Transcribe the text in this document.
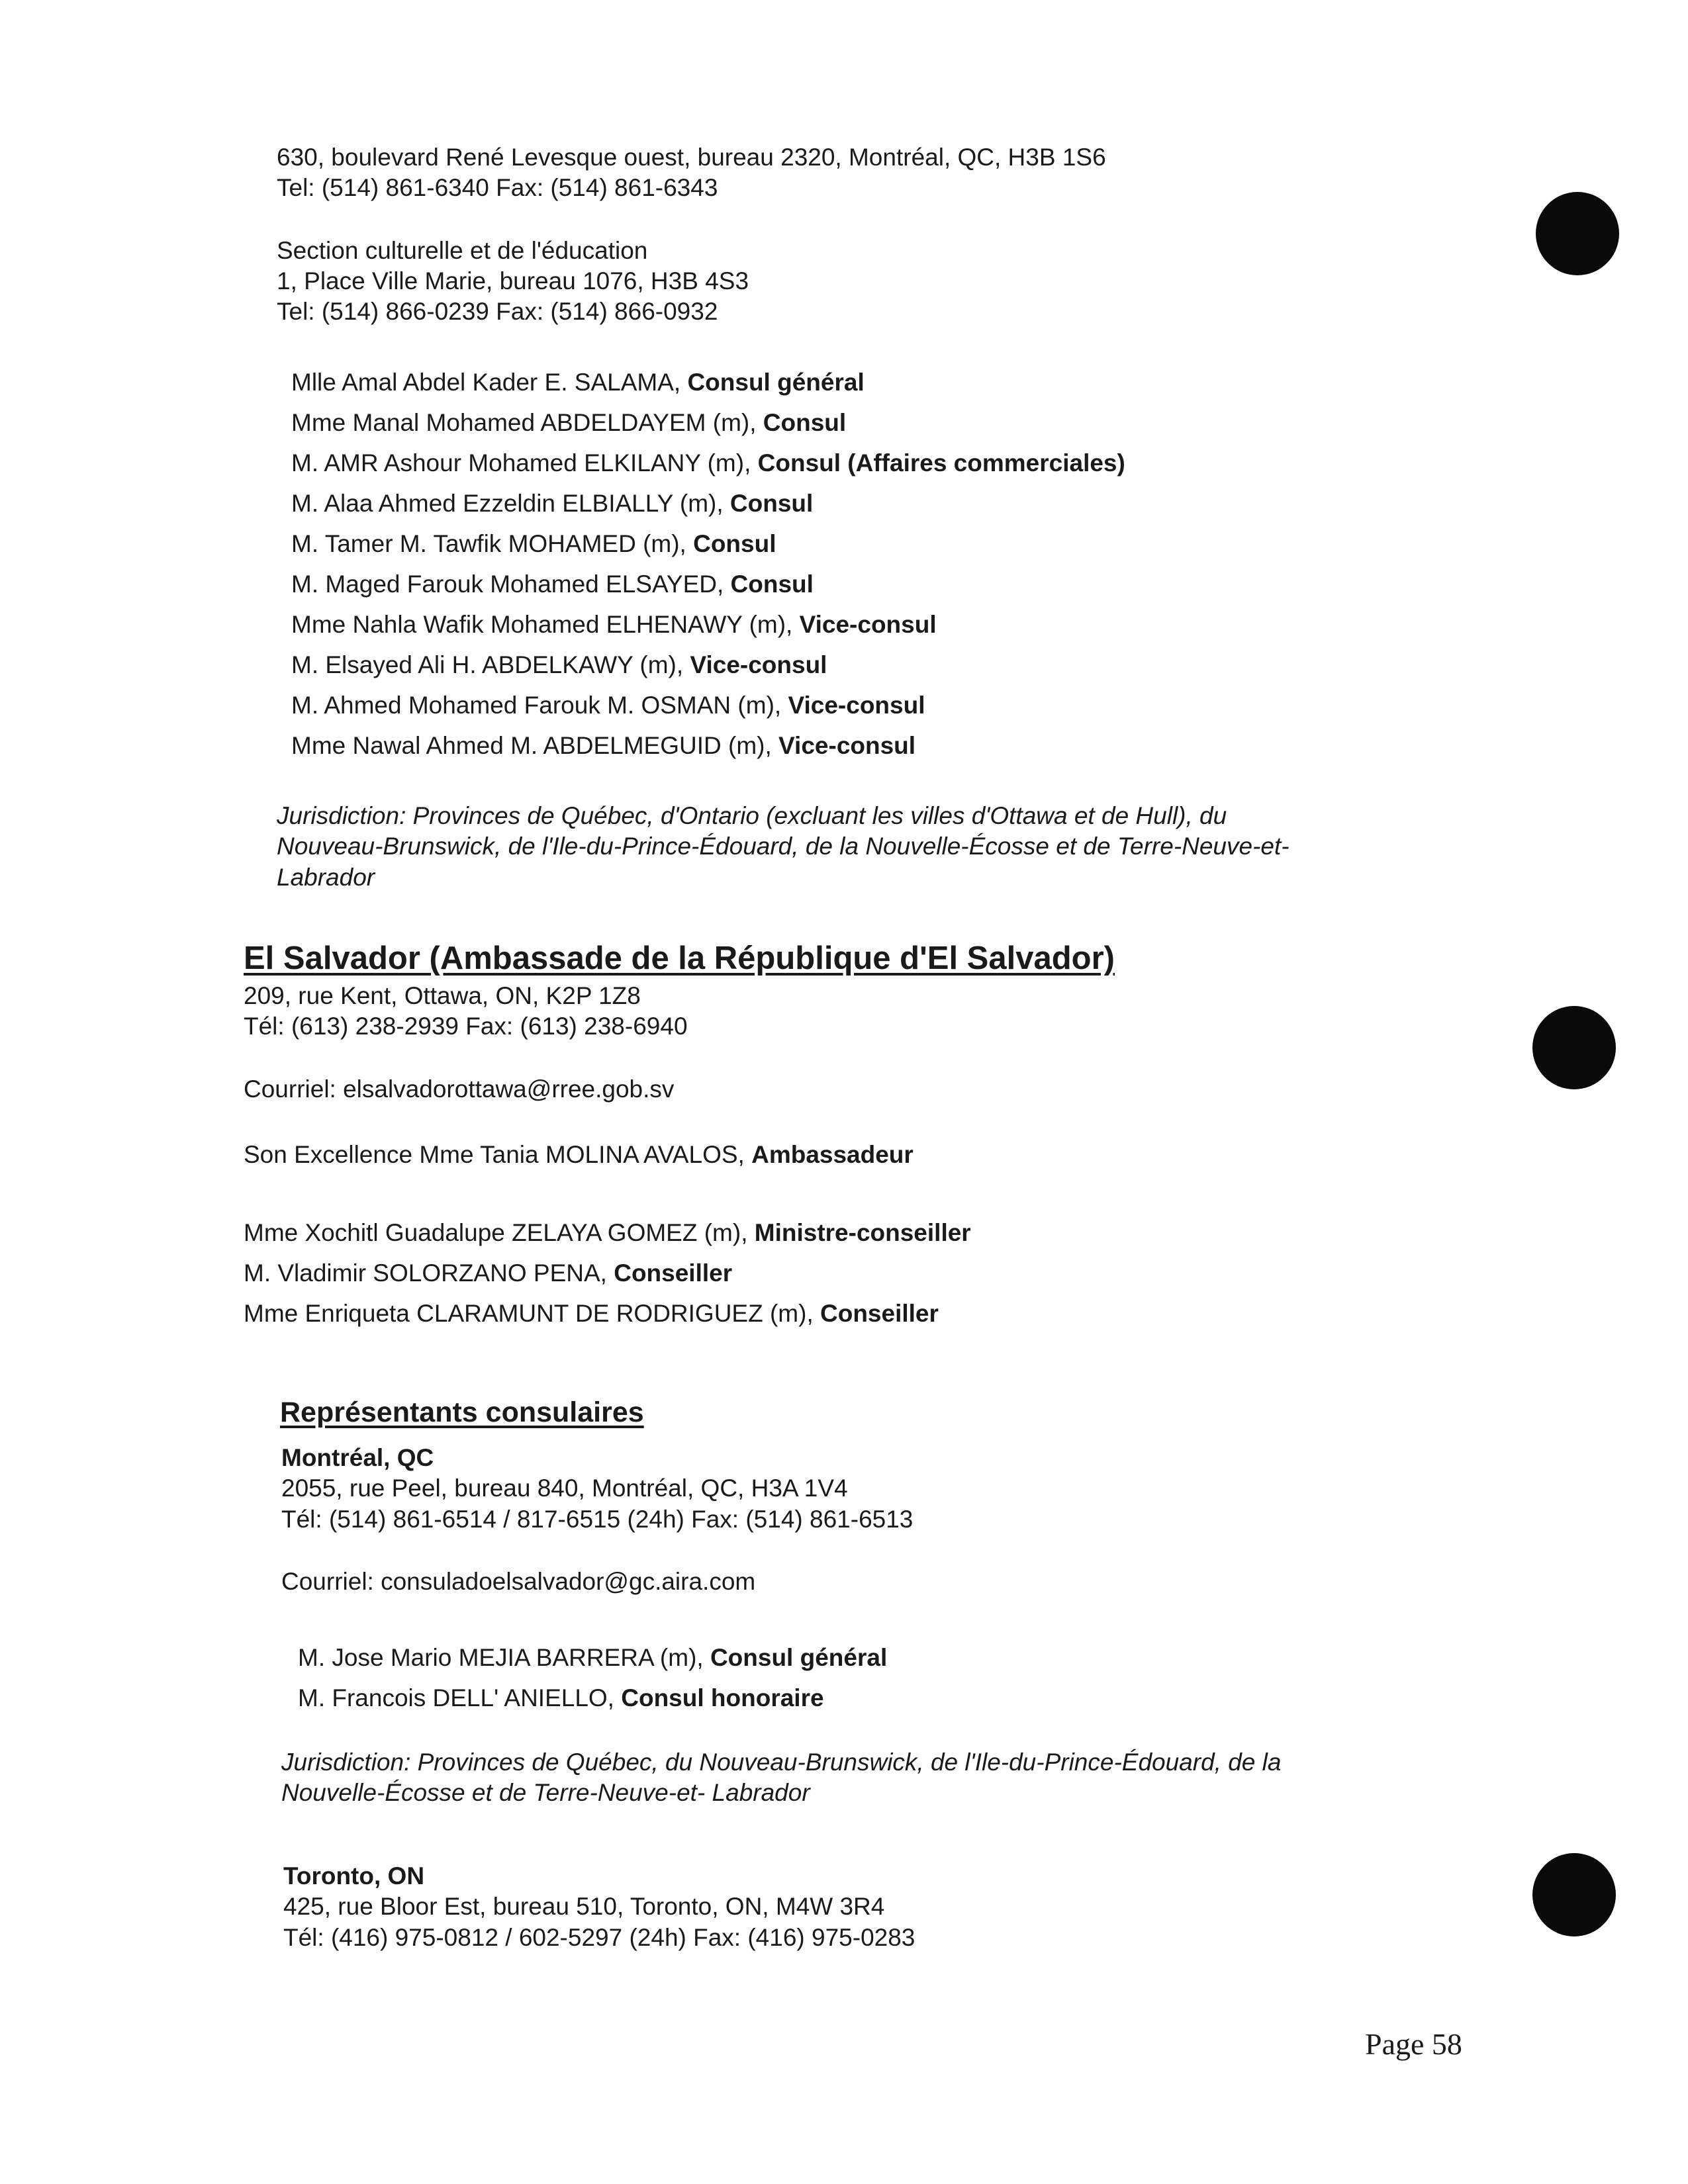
630, boulevard René Levesque ouest, bureau 2320, Montréal, QC, H3B 1S6
Tel: (514) 861-6340 Fax: (514) 861-6343
Section culturelle et de l'éducation
1, Place Ville Marie, bureau 1076, H3B 4S3
Tel: (514) 866-0239 Fax: (514) 866-0932
Mlle Amal Abdel Kader E. SALAMA, Consul général
Mme Manal Mohamed ABDELDAYEM (m), Consul
M. AMR Ashour Mohamed ELKILANY (m), Consul (Affaires commerciales)
M. Alaa Ahmed Ezzeldin ELBIALLY (m), Consul
M. Tamer M. Tawfik MOHAMED (m), Consul
M. Maged Farouk Mohamed ELSAYED, Consul
Mme Nahla Wafik Mohamed ELHENAWY (m), Vice-consul
M. Elsayed Ali H. ABDELKAWY (m), Vice-consul
M. Ahmed Mohamed Farouk M. OSMAN (m), Vice-consul
Mme Nawal Ahmed M. ABDELMEGUID (m), Vice-consul
Jurisdiction: Provinces de Québec, d'Ontario (excluant les villes d'Ottawa et de Hull), du
Nouveau-Brunswick, de l'Ile-du-Prince-Édouard, de la Nouvelle-Écosse et de Terre-Neuve-et-
Labrador
El Salvador (Ambassade de la République d'El Salvador)
209, rue Kent, Ottawa, ON, K2P 1Z8
Tél: (613) 238-2939 Fax: (613) 238-6940
Courriel: elsalvadorottawa@rree.gob.sv
Son Excellence Mme Tania MOLINA AVALOS, Ambassadeur
Mme Xochitl Guadalupe ZELAYA GOMEZ (m), Ministre-conseiller
M. Vladimir SOLORZANO PENA, Conseiller
Mme Enriqueta CLARAMUNT DE RODRIGUEZ (m), Conseiller
Représentants consulaires
Montréal, QC
2055, rue Peel, bureau 840, Montréal, QC, H3A 1V4
Tél: (514) 861-6514 / 817-6515 (24h) Fax: (514) 861-6513
Courriel: consuladoelsalvador@gc.aira.com
M. Jose Mario MEJIA BARRERA (m), Consul général
M. Francois DELL' ANIELLO, Consul honoraire
Jurisdiction: Provinces de Québec, du Nouveau-Brunswick, de l'Ile-du-Prince-Édouard, de la
Nouvelle-Écosse et de Terre-Neuve-et- Labrador
Toronto, ON
425, rue Bloor Est, bureau 510, Toronto, ON, M4W 3R4
Tél: (416) 975-0812 / 602-5297 (24h) Fax: (416) 975-0283
Page 58
